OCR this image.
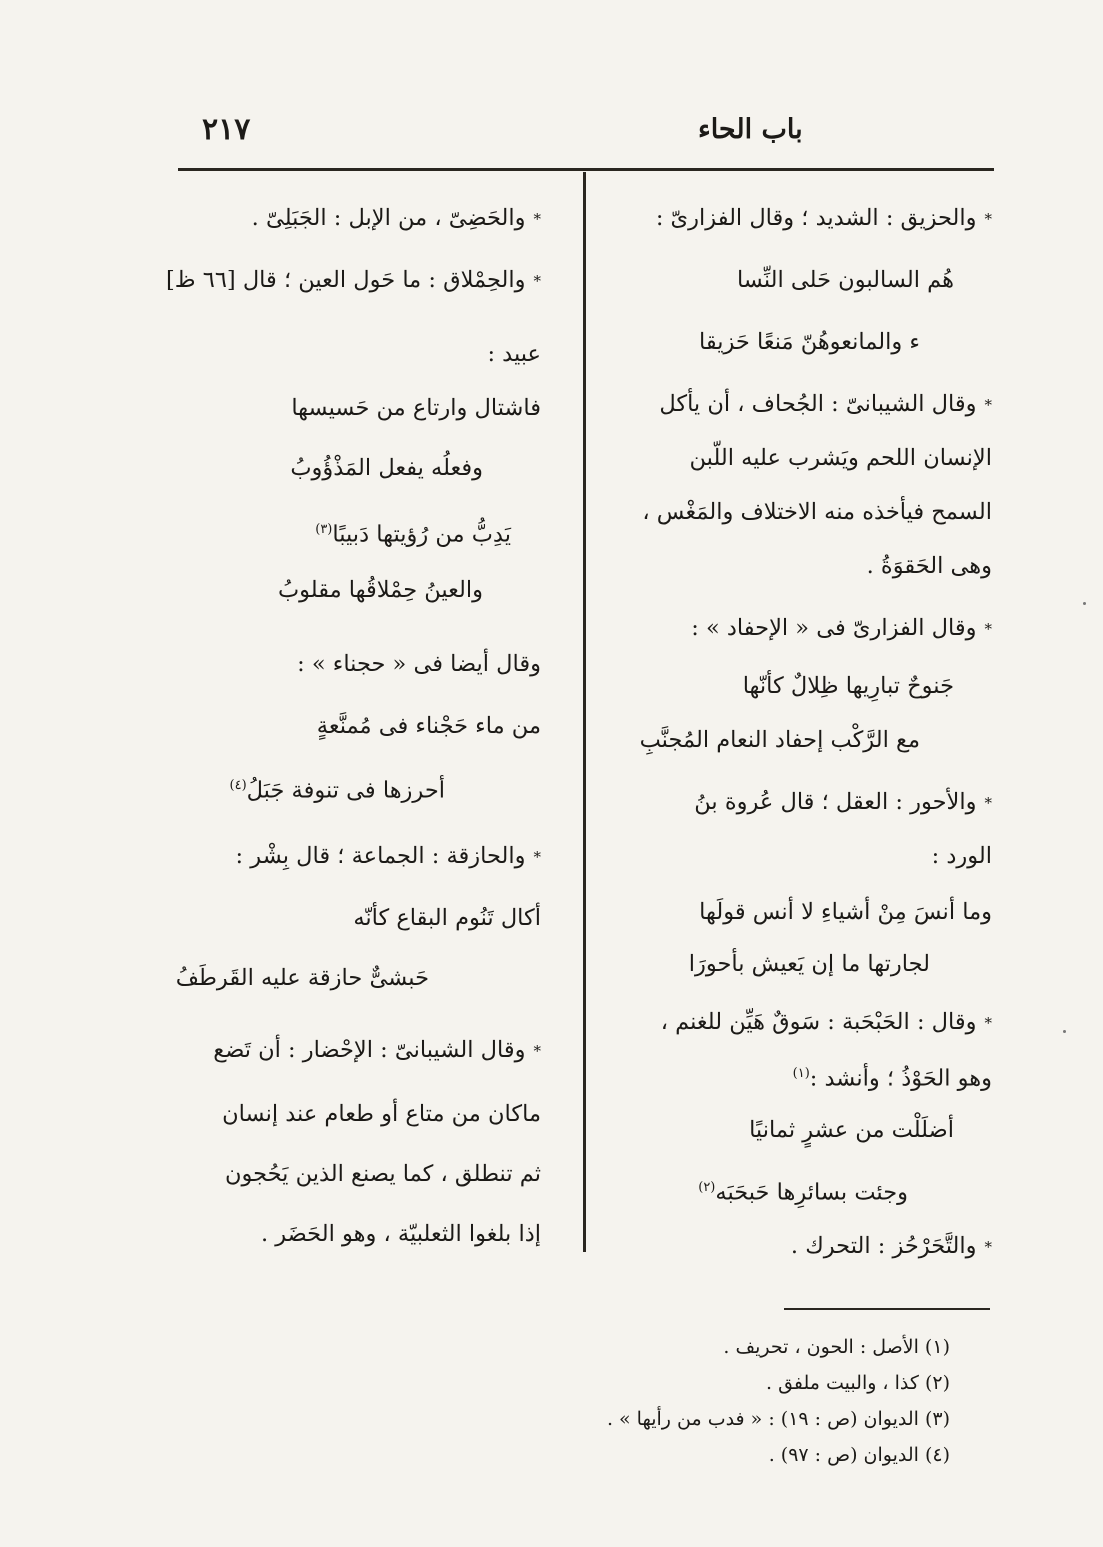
٢١٧	باب الحاء
*والحزيق : الشديد ؛ وقال الفزارىّ :
هُم السالبون حَلى النِّسا
ء والمانعوهُنّ مَنعًا حَزيقا
*وقال الشيبانىّ : الجُحاف ، أن يأكل
الإنسان اللحم ويَشرب عليه اللّبن
السمح فيأخذه منه الاختلاف والمَغْس ،
وهى الحَقوَةُ .
*وقال الفزارىّ فى « الإحفاد » :
جَنوحٌ تبارِيها ظِلالٌ كأنّها
مع الرَّكْب إحفاد النعام المُجنَّبِ
*والأحور : العقل ؛ قال عُروة بنُ
الورد :
وما أنسَ مِنْ أشياءِ لا أنس قولَها
لجارتها ما إن يَعيش بأحورَا
*وقال : الحَبْحَبة : سَوقٌ هَيِّن للغنم ،
وهو الحَوْذُ ؛ وأنشد :$^{(١)}$
أضلَلْت من عشرٍ ثمانيًا
وجئت بسائرِها حَبحَبَه$^{(٢)}$
*والتَّحَرْحُز : التحرك .
*والحَضِىّ ، من الإبل : الجَبَلِىّ .
*والحِمْلاق : ما حَول العين ؛ قال [٦٦ ظ]
عبيد :
فاشتال وارتاع من حَسيسها
وفعلُه يفعل المَذْؤُوبُ
يَدِبُّ من رُؤيتها دَبيبًا$^{(٣)}$
والعينُ حِمْلاقُها مقلوبُ
وقال أيضا فى « حجناء » :
من ماء حَجْناء فى مُمنَّعةٍ
أحرزها فى تنوفة جَبَلُ$^{(٤)}$
*والحازقة : الجماعة ؛ قال بِشْر :
أكال تَنُوم البقاع كأنّه
حَبشىٌّ حازقة عليه القَرطَفُ
*وقال الشيبانىّ : الإحْضار : أن تَضع
ماكان من متاع أو طعام عند إنسان
ثم تنطلق ، كما يصنع الذين يَحُجون
إذا بلغوا الثعلبيّة ، وهو الحَضَر .
(١) الأصل : الحون ، تحريف .
(٢) كذا ، والبيت ملفق .
(٣) الديوان (ص : ١٩) : « فدب من رأيها » .
(٤) الديوان (ص : ٩٧) .
